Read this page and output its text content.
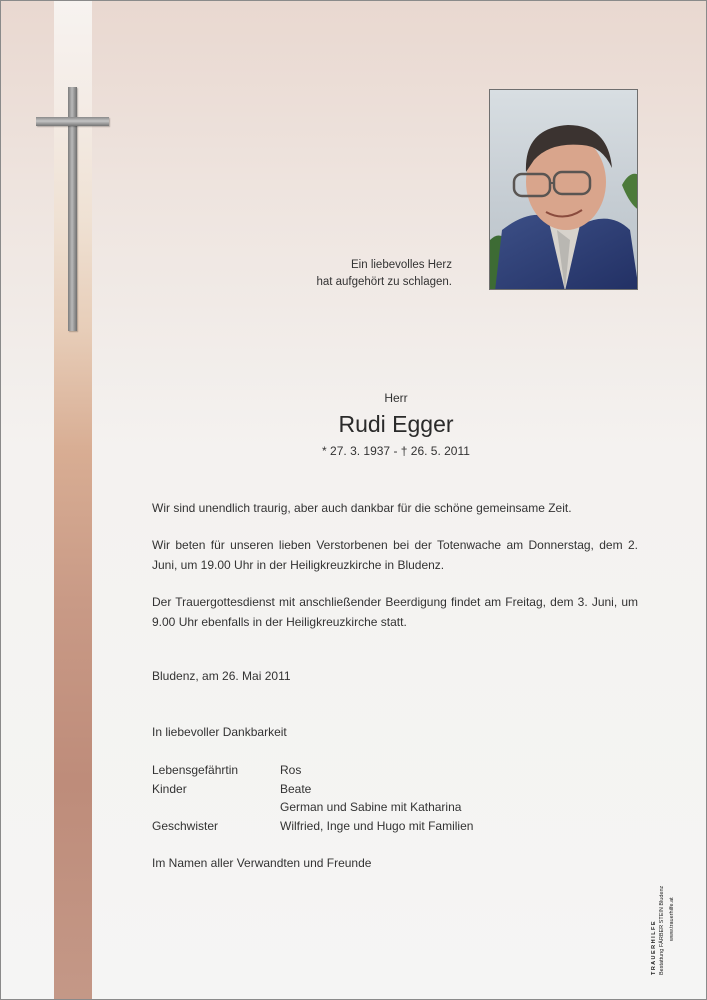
Ein liebevolles Herz
hat aufgehört zu schlagen.
Herr
Rudi Egger
* 27. 3. 1937 - † 26. 5. 2011
Wir sind unendlich traurig, aber auch dankbar für die schöne gemeinsame Zeit.
Wir beten für unseren lieben Verstorbenen bei der Totenwache am Donnerstag, dem 2. Juni, um 19.00 Uhr in der Heiligkreuzkirche in Bludenz.
Der Trauergottesdienst mit anschließender Beerdigung findet am Freitag, dem 3. Juni, um 9.00 Uhr ebenfalls in der Heiligkreuzkirche statt.
Bludenz, am 26. Mai 2011
In liebevoller Dankbarkeit
Lebensgefährtin	Ros
Kinder	Beate
German und Sabine mit Katharina
Geschwister	Wilfried, Inge und Hugo mit Familien
Im Namen aller Verwandten und Freunde
T R A U E R H I L F E Bestattung FÄRBER STEIN Bludenz www.trauerhilfe.at
